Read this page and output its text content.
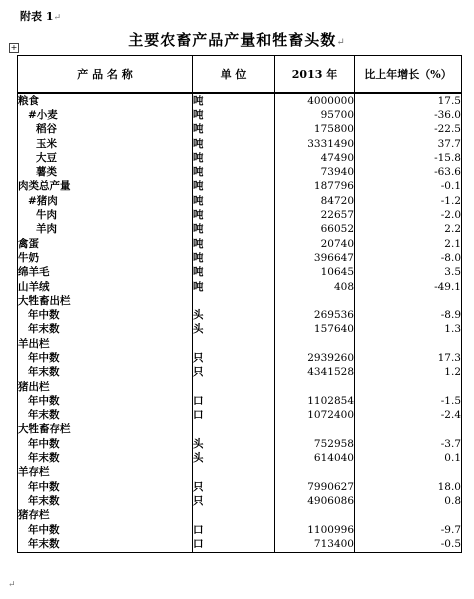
附表 1↵
+	主要农畜产品产量和牲畜头数↵
产 品 名 称	单 位	2013 年	比上年增长（%）
粮食	吨	4000000	17.5
#小麦	吨	95700	-36.0
稻谷	吨	175800	-22.5
玉米	吨	3331490	37.7
大豆	吨	47490	-15.8
薯类	吨	73940	-63.6
肉类总产量	吨	187796	-0.1
#猪肉	吨	84720	-1.2
牛肉	吨	22657	-2.0
羊肉	吨	66052	2.2
禽蛋	吨	20740	2.1
牛奶	吨	396647	-8.0
绵羊毛	吨	10645	3.5
山羊绒	吨	408	-49.1
大牲畜出栏			
年中数	头	269536	-8.9
年末数	头	157640	1.3
羊出栏			
年中数	只	2939260	17.3
年末数	只	4341528	1.2
猪出栏			
年中数	口	1102854	-1.5
年末数	口	1072400	-2.4
大牲畜存栏			
年中数	头	752958	-3.7
年末数	头	614040	0.1
羊存栏			
年中数	只	7990627	18.0
年末数	只	4906086	0.8
猪存栏			
年中数	口	1100996	-9.7
年末数	口	713400	-0.5
↵
